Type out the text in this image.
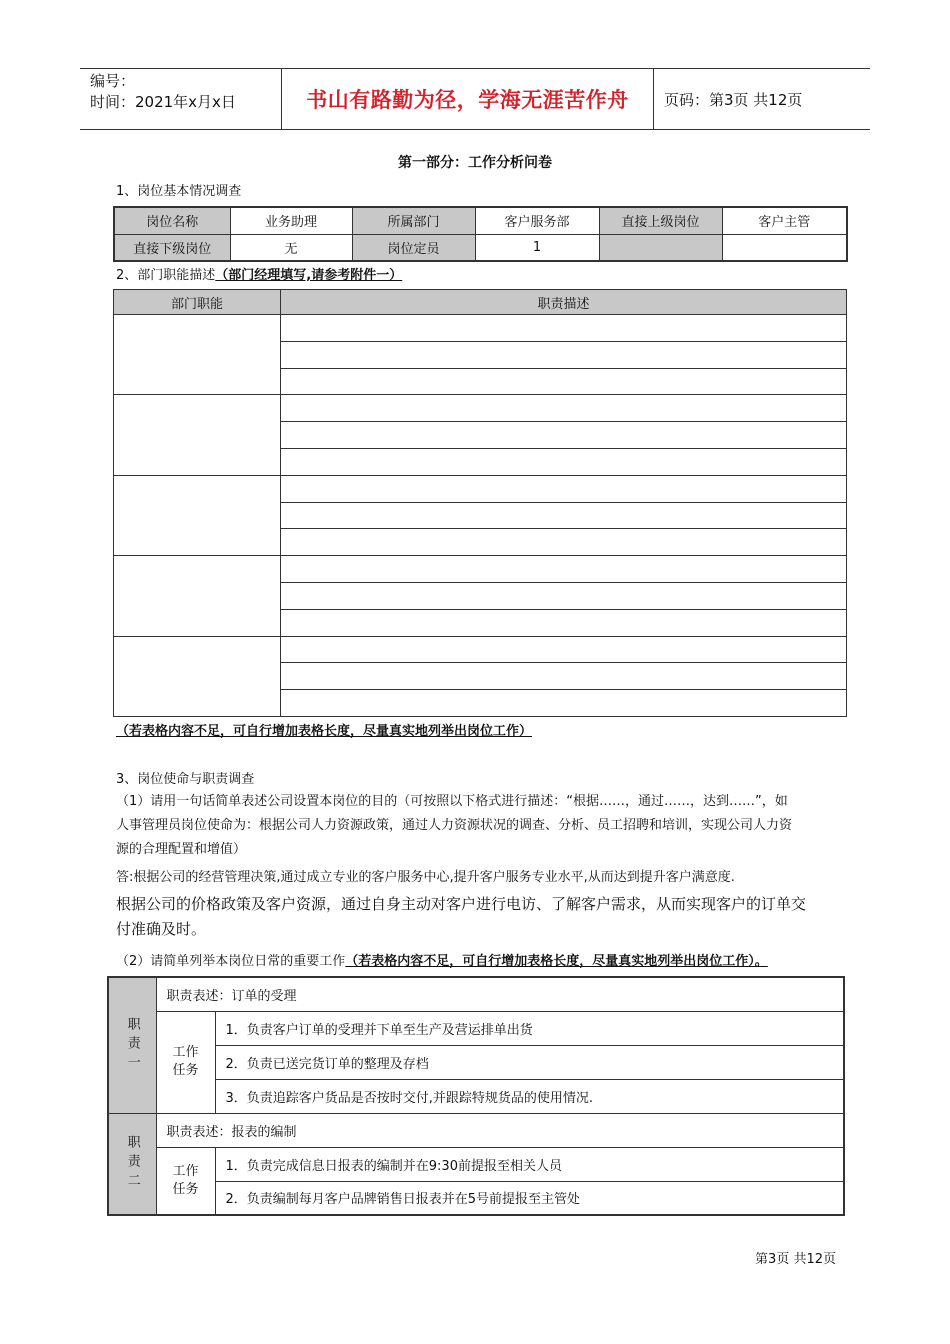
编号：
时间：2021年x月x日	书山有路勤为径，学海无涯苦作舟	页码：第3页 共12页
第一部分：工作分析问卷
1、岗位基本情况调查
岗位名称	业务助理	所属部门	客户服务部	直接上级岗位	客户主管
直接下级岗位	无	岗位定员	1		
2、部门职能描述（部门经理填写,请参考附件一）
部门职能	职责描述

（若表格内容不足，可自行增加表格长度，尽量真实地列举出岗位工作）
3、岗位使命与职责调查
（1）请用一句话简单表述公司设置本岗位的目的（可按照以下格式进行描述：“根据……，通过……，达到……”，如
人事管理员岗位使命为：根据公司人力资源政策，通过人力资源状况的调查、分析、员工招聘和培训，实现公司人力资
源的合理配置和增值）
答:根据公司的经营管理决策,通过成立专业的客户服务中心,提升客户服务专业水平,从而达到提升客户满意度.
根据公司的价格政策及客户资源，通过自身主动对客户进行电访、了解客户需求，从而实现客户的订单交
付准确及时。
（2）请简单列举本岗位日常的重要工作（若表格内容不足，可自行增加表格长度，尽量真实地列举出岗位工作）。
职责一	职责表述：订单的受理	
	工作任务	1．负责客户订单的受理并下单至生产及营运排单出货
		2．负责已送完货订单的整理及存档
		3．负责追踪客户货品是否按时交付,并跟踪特规货品的使用情况.
职责二	职责表述：报表的编制	
	工作任务	1．负责完成信息日报表的编制并在9:30前提报至相关人员
		2．负责编制每月客户品牌销售日报表并在5号前提报至主管处
第3页 共12页
